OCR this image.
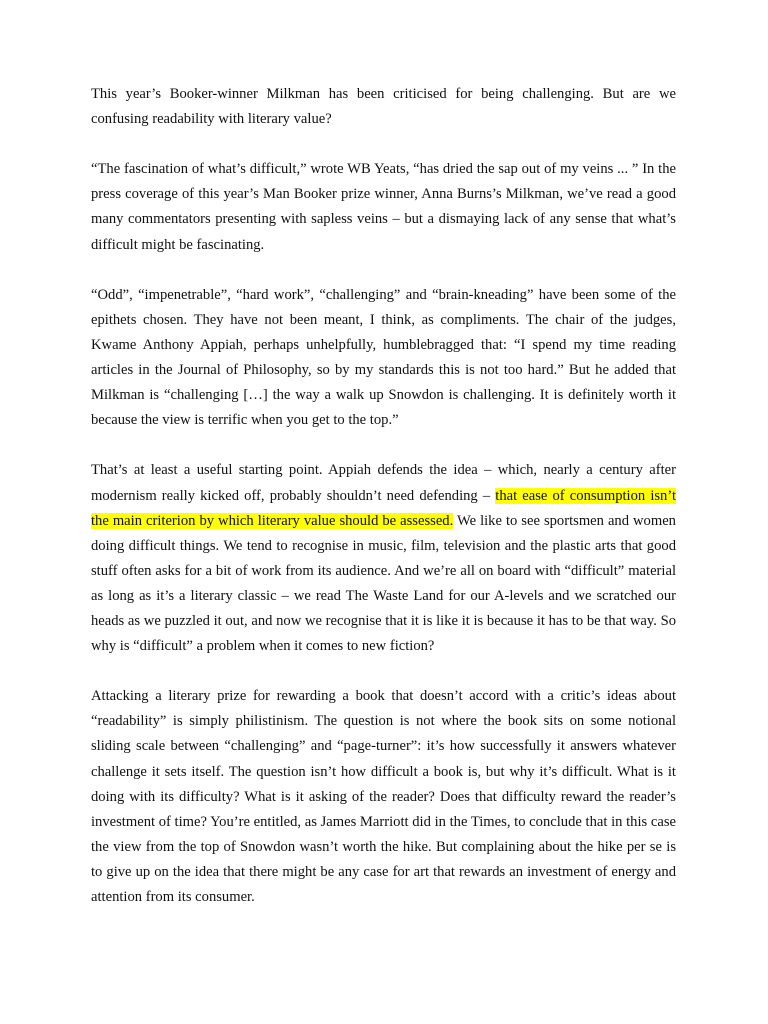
This year’s Booker-winner Milkman has been criticised for being challenging. But are we confusing readability with literary value?

“The fascination of what’s difficult,” wrote WB Yeats, “has dried the sap out of my veins ... ” In the press coverage of this year’s Man Booker prize winner, Anna Burns’s Milkman, we’ve read a good many commentators presenting with sapless veins – but a dismaying lack of any sense that what’s difficult might be fascinating.

“Odd”, “impenetrable”, “hard work”, “challenging” and “brain-kneading” have been some of the epithets chosen. They have not been meant, I think, as compliments. The chair of the judges, Kwame Anthony Appiah, perhaps unhelpfully, humblebragged that: “I spend my time reading articles in the Journal of Philosophy, so by my standards this is not too hard.” But he added that Milkman is “challenging […] the way a walk up Snowdon is challenging. It is definitely worth it because the view is terrific when you get to the top.”

That’s at least a useful starting point. Appiah defends the idea – which, nearly a century after modernism really kicked off, probably shouldn’t need defending – that ease of consumption isn’t the main criterion by which literary value should be assessed. We like to see sportsmen and women doing difficult things. We tend to recognise in music, film, television and the plastic arts that good stuff often asks for a bit of work from its audience. And we’re all on board with “difficult” material as long as it’s a literary classic – we read The Waste Land for our A-levels and we scratched our heads as we puzzled it out, and now we recognise that it is like it is because it has to be that way. So why is “difficult” a problem when it comes to new fiction?

Attacking a literary prize for rewarding a book that doesn’t accord with a critic’s ideas about “readability” is simply philistinism. The question is not where the book sits on some notional sliding scale between “challenging” and “page-turner”: it’s how successfully it answers whatever challenge it sets itself. The question isn’t how difficult a book is, but why it’s difficult. What is it doing with its difficulty? What is it asking of the reader? Does that difficulty reward the reader’s investment of time? You’re entitled, as James Marriott did in the Times, to conclude that in this case the view from the top of Snowdon wasn’t worth the hike. But complaining about the hike per se is to give up on the idea that there might be any case for art that rewards an investment of energy and attention from its consumer.
